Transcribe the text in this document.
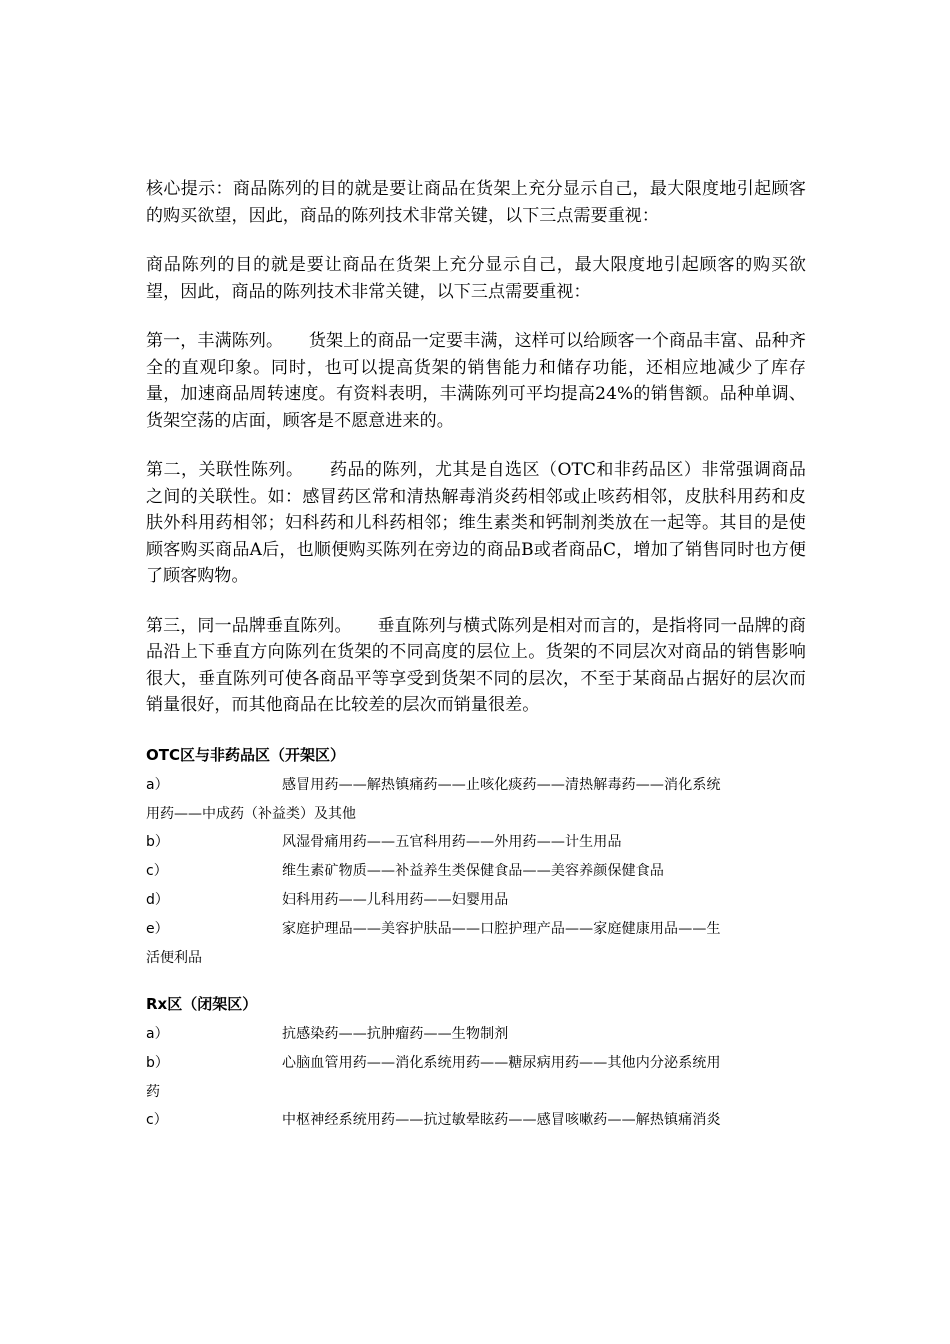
核心提示：商品陈列的目的就是要让商品在货架上充分显示自己，最大限度地引起顾客的购买欲望，因此，商品的陈列技术非常关键，以下三点需要重视：

商品陈列的目的就是要让商品在货架上充分显示自己，最大限度地引起顾客的购买欲望，因此，商品的陈列技术非常关键，以下三点需要重视：

第一，丰满陈列。　　货架上的商品一定要丰满，这样可以给顾客一个商品丰富、品种齐全的直观印象。同时，也可以提高货架的销售能力和储存功能，还相应地减少了库存量，加速商品周转速度。有资料表明，丰满陈列可平均提高24%的销售额。品种单调、货架空荡的店面，顾客是不愿意进来的。

第二，关联性陈列。　　药品的陈列，尤其是自选区（OTC和非药品区）非常强调商品之间的关联性。如：感冒药区常和清热解毒消炎药相邻或止咳药相邻，皮肤科用药和皮肤外科用药相邻；妇科药和儿科药相邻；维生素类和钙制剂类放在一起等。其目的是使顾客购买商品A后，也顺便购买陈列在旁边的商品B或者商品C，增加了销售同时也方便了顾客购物。

第三，同一品牌垂直陈列。　　垂直陈列与横式陈列是相对而言的，是指将同一品牌的商品沿上下垂直方向陈列在货架的不同高度的层位上。货架的不同层次对商品的销售影响很大，垂直陈列可使各商品平等享受到货架不同的层次，不至于某商品占据好的层次而销量很好，而其他商品在比较差的层次而销量很差。

OTC区与非药品区（开架区）
a）	感冒用药——解热镇痛药——止咳化痰药——清热解毒药——消化系统
用药——中成药（补益类）及其他
b）	风湿骨痛用药——五官科用药——外用药——计生用品
c）	维生素矿物质——补益养生类保健食品——美容养颜保健食品
d）	妇科用药——儿科用药——妇婴用品
e）	家庭护理品——美容护肤品——口腔护理产品——家庭健康用品——生
活便利品
Rx区（闭架区）
a）	抗感染药——抗肿瘤药——生物制剂
b）	心脑血管用药——消化系统用药——糖尿病用药——其他内分泌系统用
药
c）	中枢神经系统用药——抗过敏晕眩药——感冒咳嗽药——解热镇痛消炎
